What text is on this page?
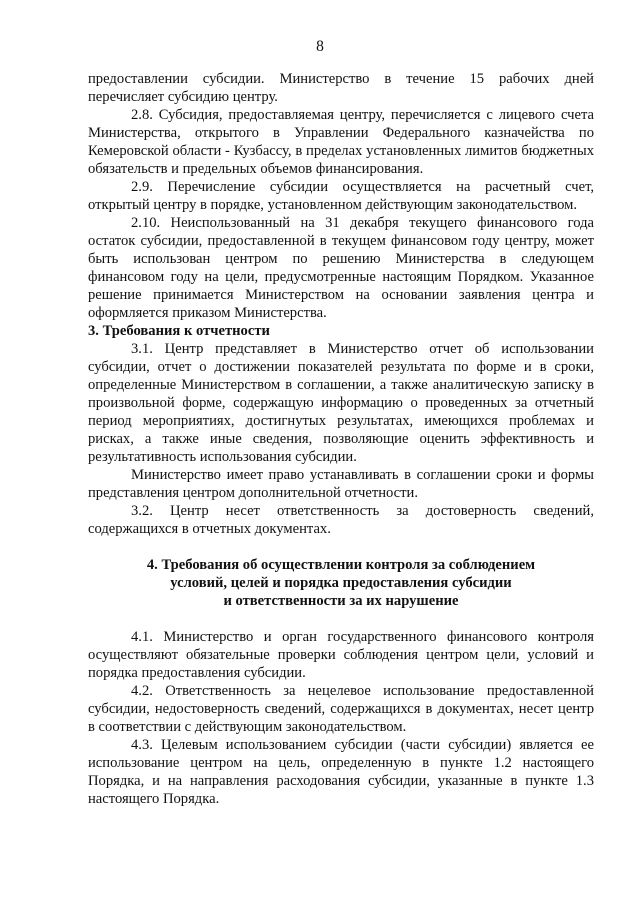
8

предоставлении субсидии. Министерство в течение 15 рабочих дней перечисляет субсидию центру.

2.8. Субсидия, предоставляемая центру, перечисляется с лицевого счета Министерства, открытого в Управлении Федерального казначейства по Кемеровской области - Кузбассу, в пределах установленных лимитов бюджетных обязательств и предельных объемов финансирования.

2.9. Перечисление субсидии осуществляется на расчетный счет, открытый центру в порядке, установленном действующим законодательством.

2.10. Неиспользованный на 31 декабря текущего финансового года остаток субсидии, предоставленной в текущем финансовом году центру, может быть использован центром по решению Министерства в следующем финансовом году на цели, предусмотренные настоящим Порядком. Указанное решение принимается Министерством на основании заявления центра и оформляется приказом Министерства.

3. Требования к отчетности

3.1. Центр представляет в Министерство отчет об использовании субсидии, отчет о достижении показателей результата по форме и в сроки, определенные Министерством в соглашении, а также аналитическую записку в произвольной форме, содержащую информацию о проведенных за отчетный период мероприятиях, достигнутых результатах, имеющихся проблемах и рисках, а также иные сведения, позволяющие оценить эффективность и результативность использования субсидии.

Министерство имеет право устанавливать в соглашении сроки и формы представления центром дополнительной отчетности.

3.2. Центр несет ответственность за достоверность сведений, содержащихся в отчетных документах.

4. Требования об осуществлении контроля за соблюдением
условий, целей и порядка предоставления субсидии
и ответственности за их нарушение

4.1. Министерство и орган государственного финансового контроля осуществляют обязательные проверки соблюдения центром цели, условий и порядка предоставления субсидии.

4.2. Ответственность за нецелевое использование предоставленной субсидии, недостоверность сведений, содержащихся в документах, несет центр в соответствии с действующим законодательством.

4.3. Целевым использованием субсидии (части субсидии) является ее использование центром на цель, определенную в пункте 1.2 настоящего Порядка, и на направления расходования субсидии, указанные в пункте 1.3 настоящего Порядка.
